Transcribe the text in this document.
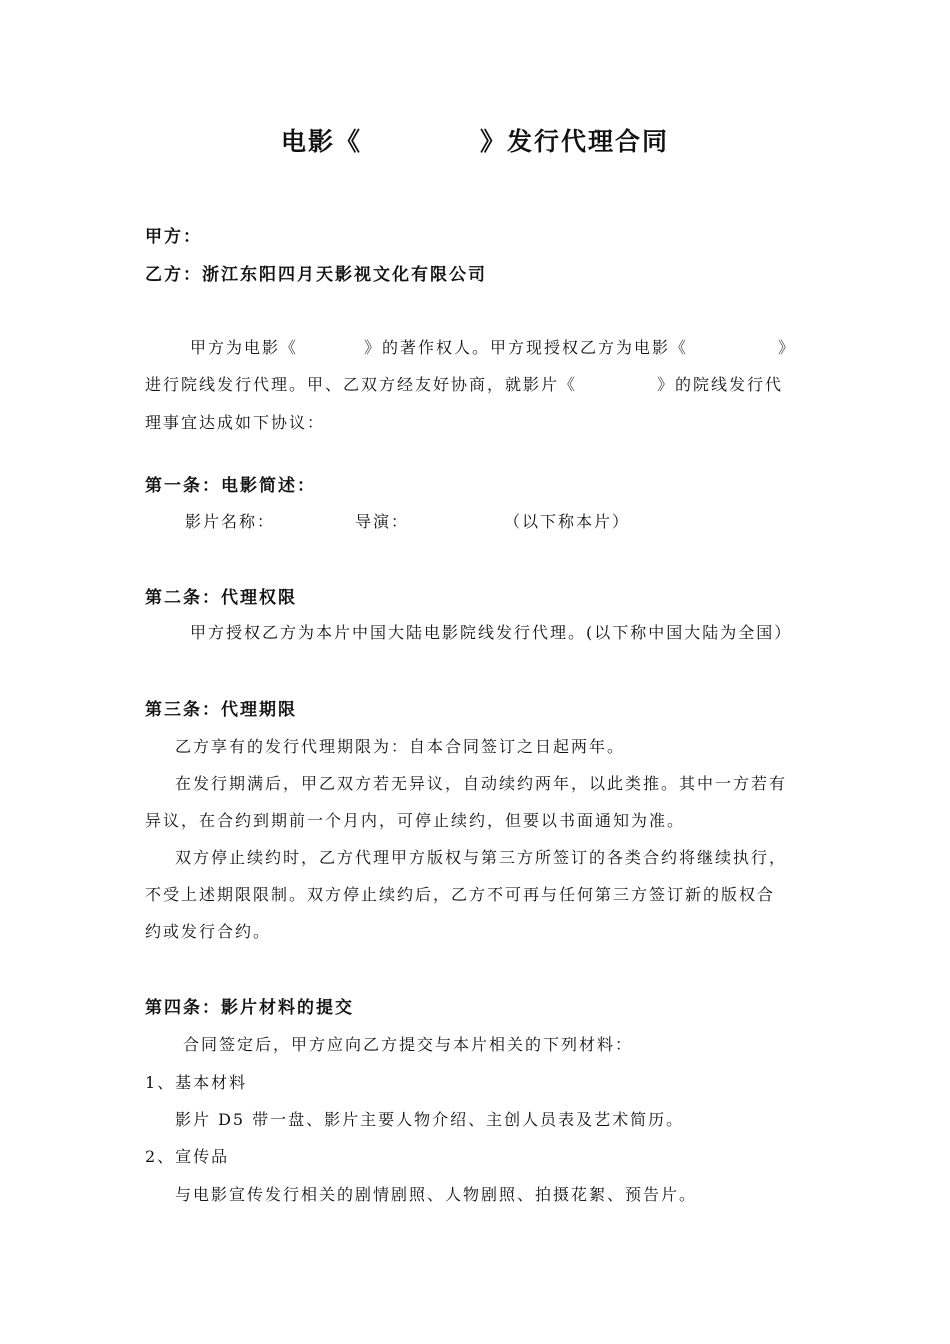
电影《	》发行代理合同
甲方：
乙方：浙江东阳四月天影视文化有限公司
甲方为电影《	》的著作权人。甲方现授权乙方为电影《	》
进行院线发行代理。甲、乙双方经友好协商，就影片《	》的院线发行代
理事宜达成如下协议：
第一条：电影简述：
影片名称：	导演：	（以下称本片）
第二条：代理权限
甲方授权乙方为本片中国大陆电影院线发行代理。(以下称中国大陆为全国）
第三条：代理期限
乙方享有的发行代理期限为：自本合同签订之日起两年。
在发行期满后，甲乙双方若无异议，自动续约两年，以此类推。其中一方若有
异议，在合约到期前一个月内，可停止续约，但要以书面通知为准。
双方停止续约时，乙方代理甲方版权与第三方所签订的各类合约将继续执行，
不受上述期限限制。双方停止续约后，乙方不可再与任何第三方签订新的版权合
约或发行合约。
第四条：影片材料的提交
合同签定后，甲方应向乙方提交与本片相关的下列材料：
1、基本材料
影片 D5 带一盘、影片主要人物介绍、主创人员表及艺术简历。
2、宣传品
与电影宣传发行相关的剧情剧照、人物剧照、拍摄花絮、预告片。
